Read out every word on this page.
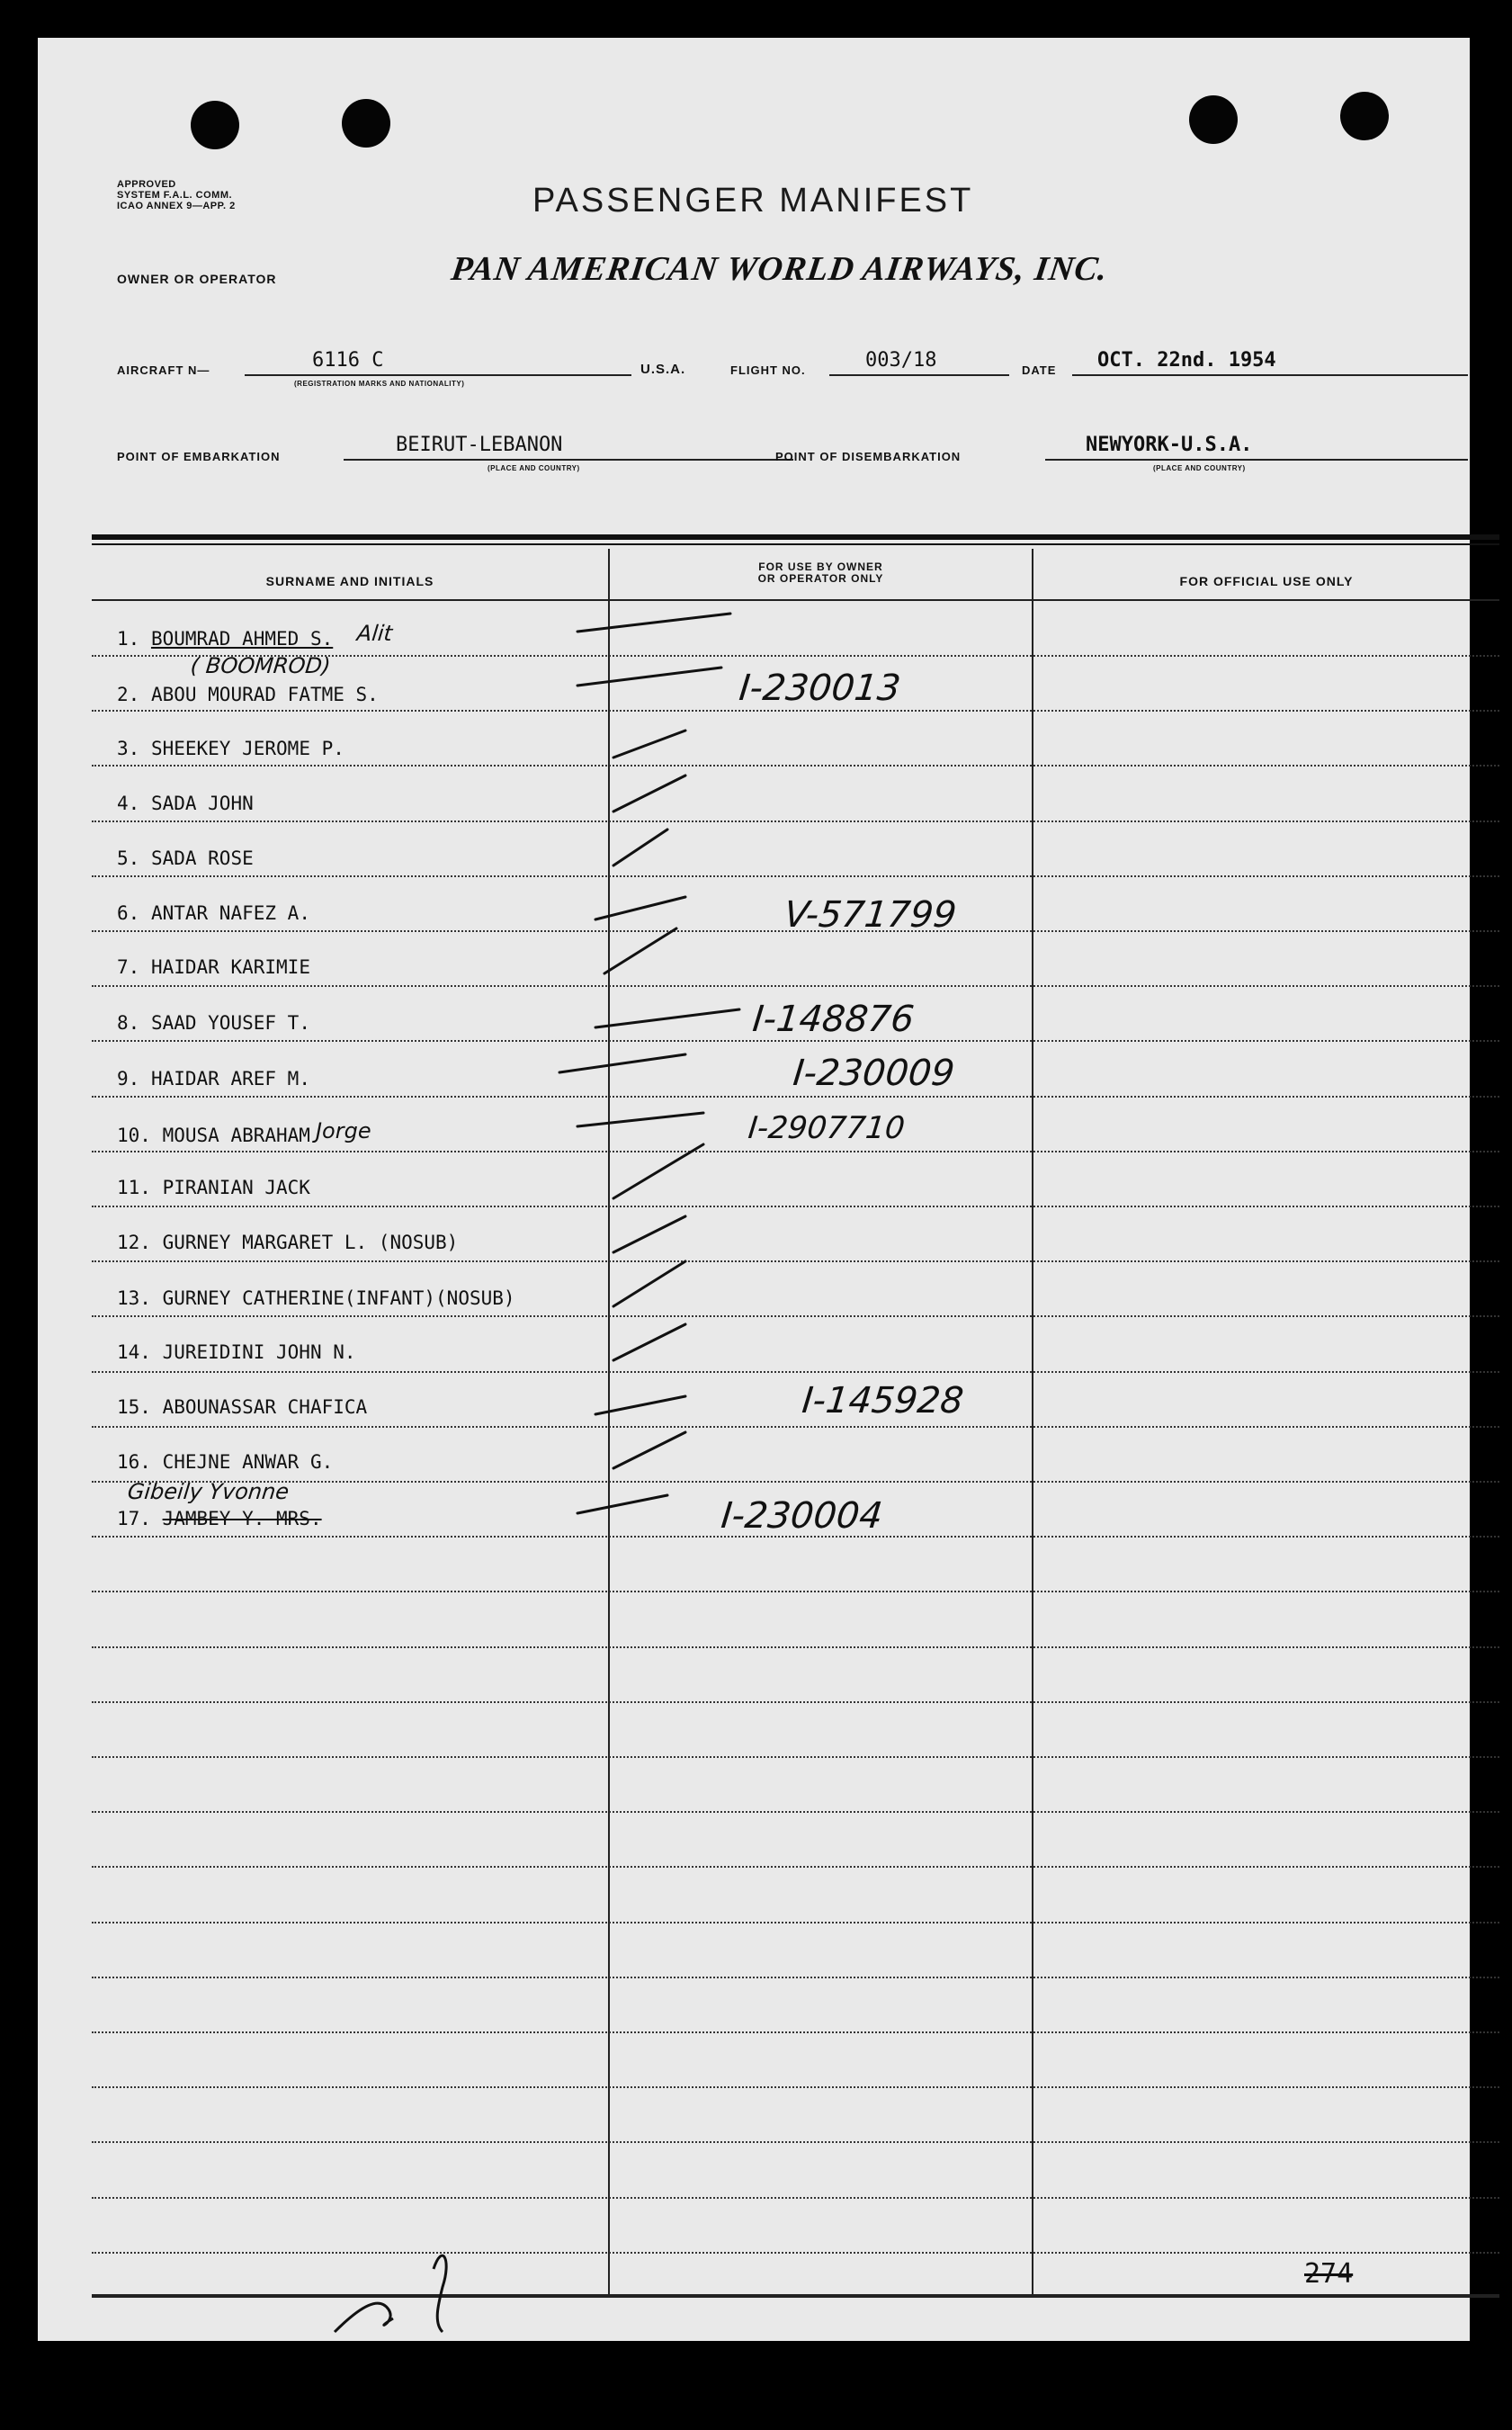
APPROVED
SYSTEM F.A.L. COMM.
ICAO ANNEX 9—APP. 2	PASSENGER MANIFEST
OWNER OR OPERATOR	PAN AMERICAN WORLD AIRWAYS, INC.
AIRCRAFT N—	6116 C
(REGISTRATION MARKS AND NATIONALITY)
U.S.A.	FLIGHT NO.	003/18	DATE OCT. 22nd. 1954
POINT OF EMBARKATION
BEIRUT-LEBANON
(PLACE AND COUNTRY)
POINT OF DISEMBARKATION
NEWYORK-U.S.A.
(PLACE AND COUNTRY)
SURNAME AND INITIALS
FOR USE BY OWNER
OR OPERATOR ONLY	FOR OFFICIAL USE ONLY
1. BOUMRAD AHMED S. Alit
( BOOMROD)
2. ABOU MOURAD FATME S.	I-230013
3. SHEEKEY JEROME P.
4. SADA JOHN
5. SADA ROSE
6. ANTAR NAFEZ A.	V-571799
7. HAIDAR KARIMIE
8. SAAD YOUSEF T.	I-148876
9. HAIDAR AREF M.	I-230009
10. MOUSA ABRAHAM Jorge	I-2907710
11. PIRANIAN JACK
12. GURNEY MARGARET L. (NOSUB)
13. GURNEY CATHERINE(INFANT)(NOSUB)
14. JUREIDINI JOHN N.
15. ABOUNASSAR CHAFICA	I-145928
16. CHEJNE ANWAR G.
Gibeily Yvonne
17. JAMBEY Y. MRS.	I-230004
274
